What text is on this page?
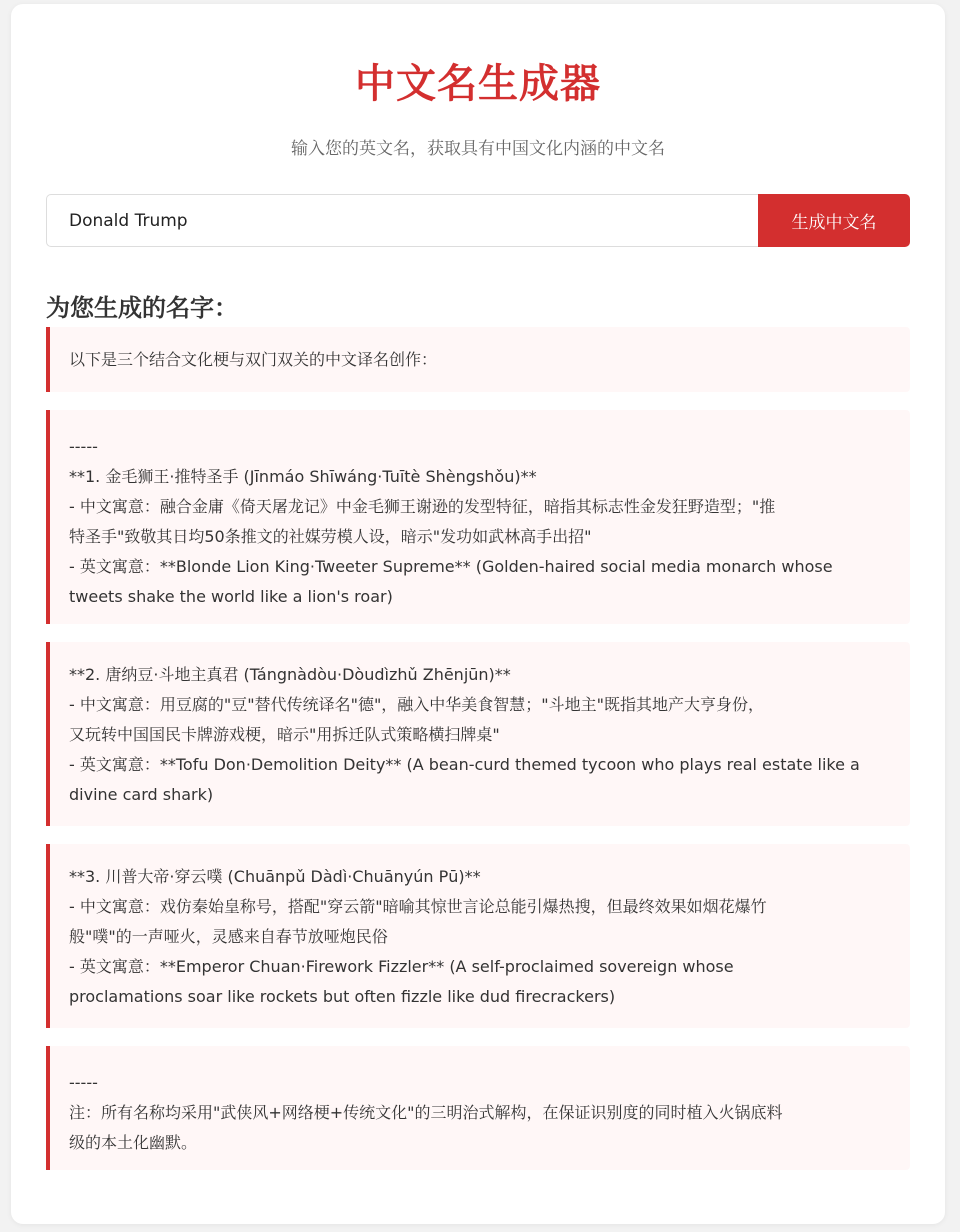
中文名生成器
输入您的英文名，获取具有中国文化内涵的中文名
Donald Trump
生成中文名
为您生成的名字：

以下是三个结合文化梗与双门双关的中文译名创作：

-----

**1. 金毛狮王·推特圣手 (Jīnmáo Shīwáng·Tuītè Shèngshǒu)**

- 中文寓意：融合金庸《倚天屠龙记》中金毛狮王谢逊的发型特征，暗指其标志性金发狂野造型；"推

特圣手"致敬其日均50条推文的社媒劳模人设，暗示"发功如武林高手出招"

- 英文寓意：**Blonde Lion King·Tweeter Supreme** (Golden-haired social media monarch whose

tweets shake the world like a lion's roar)

**2. 唐纳豆·斗地主真君 (Tángnàdòu·Dòudìzhǔ Zhēnjūn)**

- 中文寓意：用豆腐的"豆"替代传统译名"德"，融入中华美食智慧；"斗地主"既指其地产大亨身份，

又玩转中国国民卡牌游戏梗，暗示"用拆迁队式策略横扫牌桌"

- 英文寓意：**Tofu Don·Demolition Deity** (A bean-curd themed tycoon who plays real estate like a

divine card shark)

**3. 川普大帝·穿云噗 (Chuānpǔ Dàdì·Chuānyún Pū)**

- 中文寓意：戏仿秦始皇称号，搭配"穿云箭"暗喻其惊世言论总能引爆热搜，但最终效果如烟花爆竹

般"噗"的一声哑火，灵感来自春节放哑炮民俗

- 英文寓意：**Emperor Chuan·Firework Fizzler** (A self-proclaimed sovereign whose

proclamations soar like rockets but often fizzle like dud firecrackers)

-----

注：所有名称均采用"武侠风+网络梗+传统文化"的三明治式解构，在保证识别度的同时植入火锅底料

级的本土化幽默。
